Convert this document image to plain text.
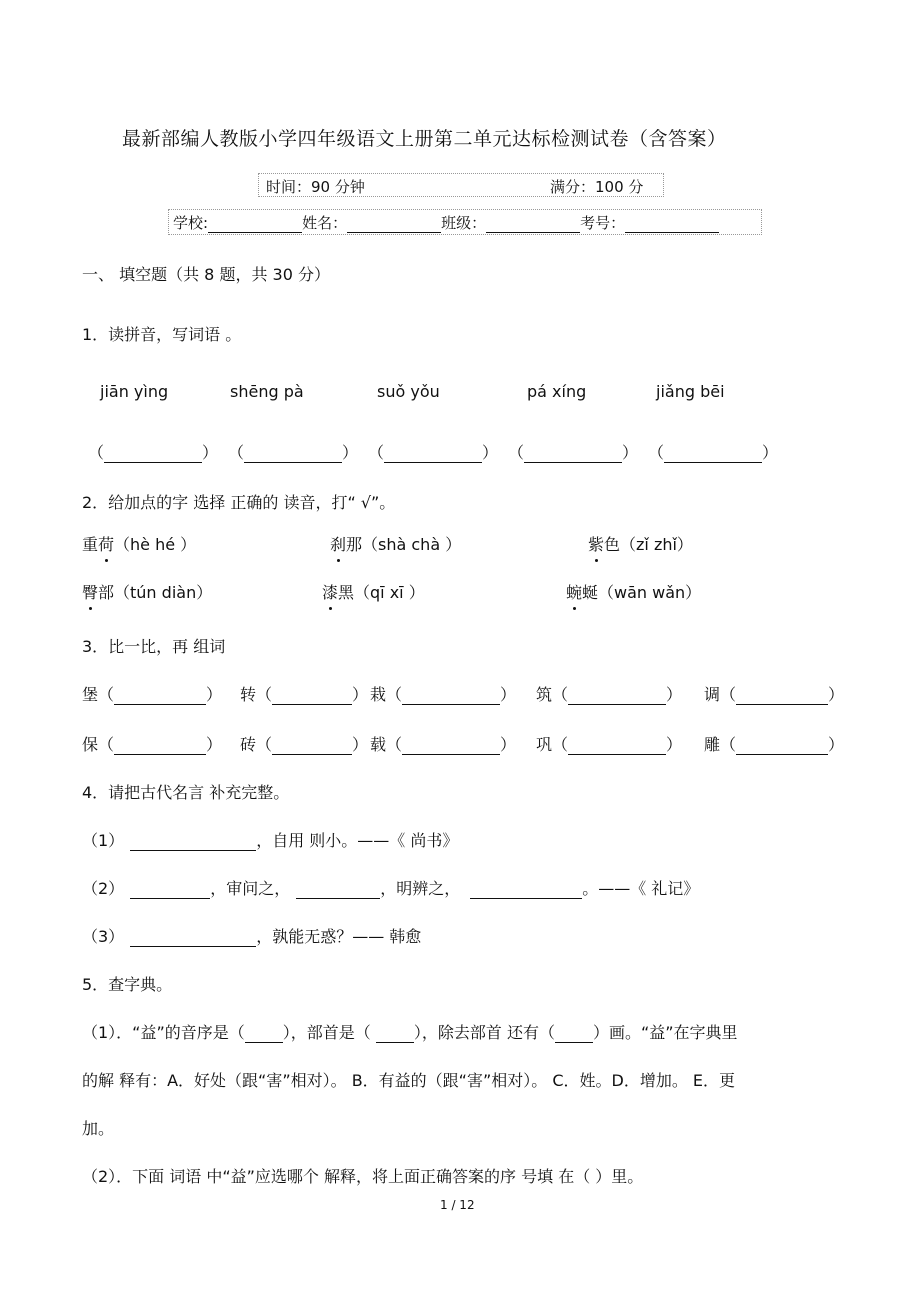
最新部编人教版小学四年级语文上册第二单元达标检测试卷（含答案）
时间：90 分钟	满分：100 分
学校:	姓名：	班级：	考号：
一、 填空题（共 8 题，共 30 分）
1．读拼音，写词语 。
jiān yìng	shēng pà	suǒ yǒu	pá xíng	jiǎng bēi
（	） （	） （	） （	） （	）
2．给加点的字 选择 正确的 读音，打“ √”。
重荷（hè hé ）	刹那（shà chà ）	紫色（zǐ zhǐ）
臀部（tún diàn）	漆黑（qī xī ）	蜿蜒（wān wǎn）
3．比一比，再 组词
堡（	） 转（	） 栽（	） 筑（	） 调（	）
保（	） 砖（	） 载（	） 巩（	） 雕（	）
4．请把古代名言 补充完整。
（1）	，自用 则小。——《 尚书》
（2）	，审问之，	，明辨之，	。——《 礼记》
（3）	，孰能无惑？—— 韩愈
5．查字典。
（1）．“益”的音序是（ ），部首是（ ），除去部首 还有（ ）画。“益”在字典里
的解 释有：A．好处（跟“害”相对）。 B．有益的（跟“害”相对）。 C．姓。D．增加。 E．更
加。
（2）．下面 词语 中“益”应选哪个 解释，将上面正确答案的序 号填 在（ ）里。
1 / 12
